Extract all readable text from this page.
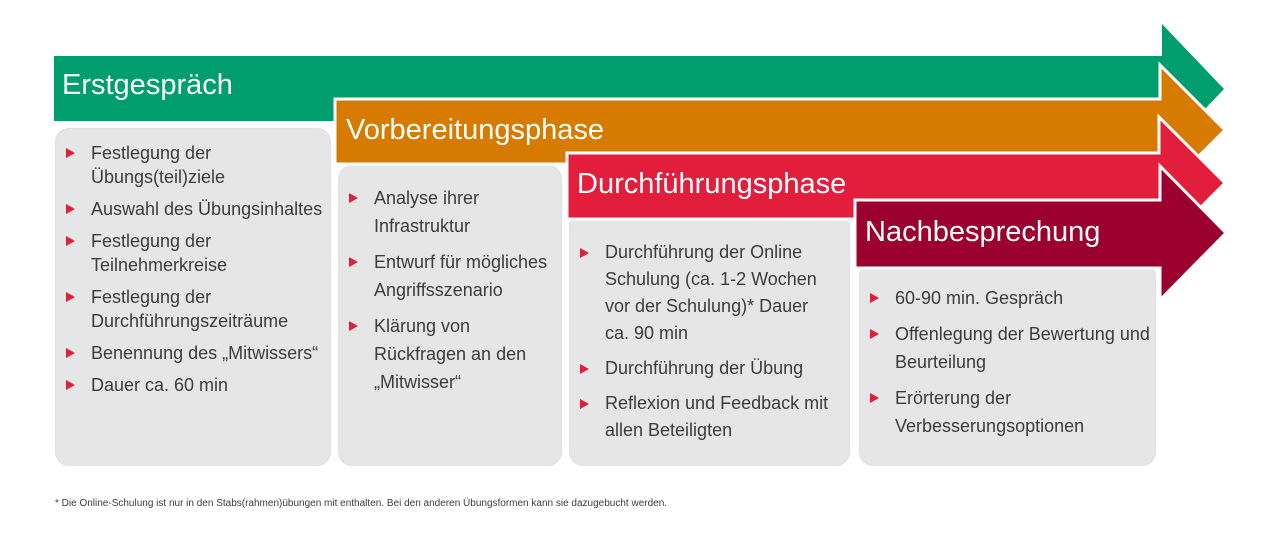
Festlegung der Übungs(teil)ziele
Auswahl des Übungsinhaltes
Festlegung der Teilnehmerkreise
Festlegung der Durchführungszeiträume
Benennung des „Mitwissers“
Dauer ca. 60 min
Analyse ihrer Infrastruktur
Entwurf für mögliches Angriffsszenario
Klärung von Rückfragen an den „Mitwisser“
Durchführung der Online Schulung (ca. 1-2 Wochen vor der Schulung)* Dauer ca. 90 min
Durchführung der Übung
Reflexion und Feedback mit allen Beteiligten
60-90 min. Gespräch
Offenlegung der Bewertung und Beurteilung
Erörterung der Verbesserungsoptionen
Erstgespräch
Vorbereitungsphase
Durchführungsphase
Nachbesprechung
* Die Online-Schulung ist nur in den Stabs(rahmen)übungen mit enthalten. Bei den anderen Übungsformen kann sie dazugebucht werden.
